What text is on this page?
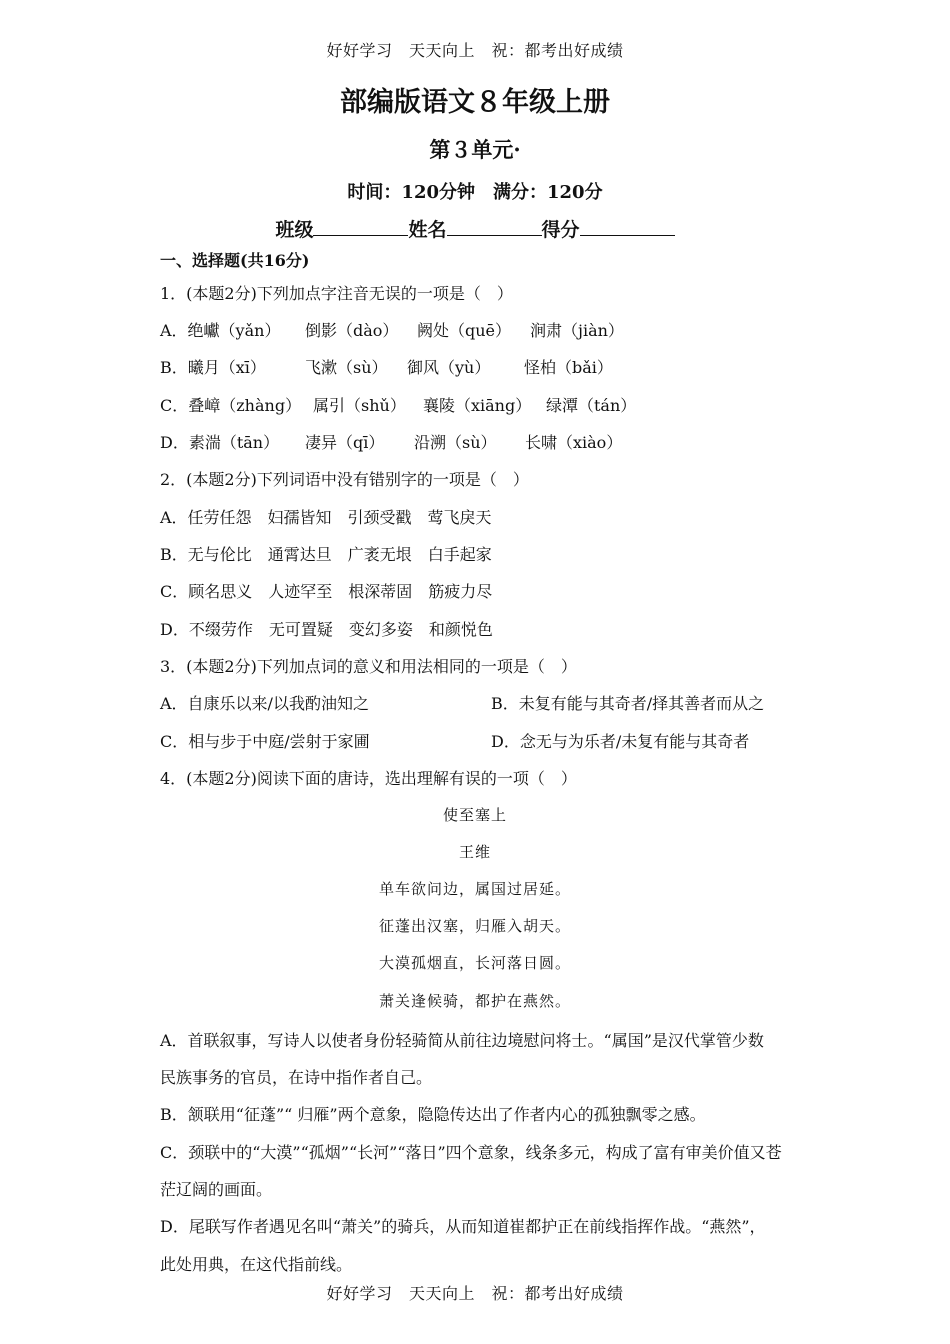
好好学习　天天向上　祝：都考出好成绩
部编版语文８年级上册
第３单元·
时间：120分钟　满分：120分
班级	姓名	得分
一、选择题(共16分)
1．(本题2分)下列加点字注音无误的一项是（　）
A．绝巘（yǎn） 倒影（dào） 阙处（quē） 涧肃（jiàn）
B．曦月（xī） 飞漱（sù） 御风（yù） 怪柏（bǎi）
C．叠嶂（zhàng） 属引（shǔ） 襄陵（xiāng） 绿潭（tán）
D．素湍（tān） 凄异（qī） 沿溯（sù） 长啸（xiào）
2．(本题2分)下列词语中没有错别字的一项是（　）
A．任劳任怨　妇孺皆知　引颈受戳　莺飞戾天
B．无与伦比　通霄达旦　广袤无垠　白手起家
C．顾名思义　人迹罕至　根深蒂固　筋疲力尽
D．不缀劳作　无可置疑　变幻多姿　和颜悦色
3．(本题2分)下列加点词的意义和用法相同的一项是（　）
A．自康乐以来/以我酌油知之	B．未复有能与其奇者/择其善者而从之
C．相与步于中庭/尝射于家圃	D．念无与为乐者/未复有能与其奇者
4．(本题2分)阅读下面的唐诗，选出理解有误的一项（　）
使至塞上
王维
单车欲问边，属国过居延。
征蓬出汉塞，归雁入胡天。
大漠孤烟直，长河落日圆。
萧关逢候骑，都护在燕然。
A．首联叙事，写诗人以使者身份轻骑简从前往边境慰问将士。“属国”是汉代掌管少数
民族事务的官员，在诗中指作者自己。
B．颔联用“征蓬”“ 归雁”两个意象，隐隐传达出了作者内心的孤独飘零之感。
C．颈联中的“大漠”“孤烟”“长河”“落日”四个意象，线条多元，构成了富有审美价值又苍
茫辽阔的画面。
D．尾联写作者遇见名叫“萧关”的骑兵，从而知道崔都护正在前线指挥作战。“燕然”，
此处用典，在这代指前线。
好好学习　天天向上　祝：都考出好成绩
